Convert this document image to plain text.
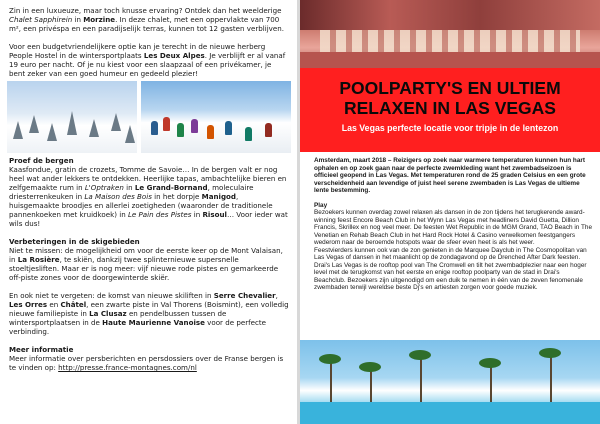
Zin in een luxueuze, maar toch knusse ervaring? Ontdek dan het weelderige Chalet Sapphirein in Morzine. In deze chalet, met een oppervlakte van 700 m², een privéspa en een paradijselijk terras, kunnen tot 12 gasten verblijven.

Voor een budgetvriendelijkere optie kan je terecht in de nieuwe herberg People Hostel in de wintersportplaats Les Deux Alpes. Je verblijft er al vanaf 19 euro per nacht. Of je nu kiest voor een slaapzaal of een privékamer, je bent zeker van een goed humeur en gedeeld plezier!

Proef de bergen

Kaasfondue, gratin de crozets, Tomme de Savoie… In de bergen valt er nog heel wat ander lekkers te ontdekken. Heerlijke tapas, ambachtelijke bieren en zelfgemaakte rum in L'Optraken in Le Grand-Bornand, moleculaire driesterrenkeuken in La Maison des Bois in het dorpje Manigod, huisgemaakte broodjes en allerlei zoetigheden (waaronder de traditionele pannenkoeken met kruidkoek) in Le Pain des Pistes in Risoul… Voor ieder wat wils dus!

Verbeteringen in de skigebieden

Niet te missen: de mogelijkheid om voor de eerste keer op de Mont Valaisan, in La Rosière, te skiën, dankzij twee splinternieuwe supersnelle stoeltjesliften. Maar er is nog meer: vijf nieuwe rode pistes en gemarkeerde off-piste zones voor de doorgewinterde skiër.

En ook niet te vergeten: de komst van nieuwe skiliften in Serre Chevalier, Les Orres en Châtel, een zwarte piste in Val Thorens (Boismint), een volledig nieuwe familiepiste in La Clusaz en pendelbussen tussen de wintersportplaatsen in de Haute Maurienne Vanoise voor de perfecte verbinding.

Meer informatie

Meer informatie over persberichten en persdossiers over de Franse bergen is te vinden op: http://presse.france-montagnes.com/nl

POOLPARTY'S EN ULTIEM
RELAXEN IN LAS VEGAS
Las Vegas perfecte locatie voor tripje in de lentezon

Amsterdam, maart 2018 – Reizigers op zoek naar warmere temperaturen kunnen hun hart ophalen en op zoek gaan naar de perfecte zwemkleding want het zwembadseizoen is officieel geopend in Las Vegas. Met temperaturen rond de 25 graden Celsius en een grote verscheidenheid aan levendige of juist heel serene zwembaden is Las Vegas de ultieme lente bestemming.

Play

Bezoekers kunnen overdag zowel relaxen als dansen in de zon tijdens het terugkerende award-winning feest Encore Beach Club in het Wynn Las Vegas met headliners David Guetta, Dillion Francis, Skrillex en nog veel meer. De feesten Wet Republic in de MGM Grand, TAO Beach in The Venetian en Rehab Beach Club in het Hard Rock Hotel & Casino verwelkomen feestgangers wederom naar de beroemde hotspots waar de sfeer even heet is als het weer.

Feestvierders kunnen ook van de zon genieten in de Marquee Dayclub in The Cosmopolitan van Las Vegas of dansen in het maanlicht op de zondagavond op de Drenched After Dark feesten. Drai's Las Vegas is de rooftop pool van The Cromwell en tilt het zwembadplezier naar een hoger level met de terugkomst van het eerste en enige rooftop poolparty van de stad in Drai's Beachclub. Bezoekers zijn uitgenodigd om een duik te nemen in één van de zeven fenomenale zwembaden terwijl wereldse beste Dj's en artiesten zorgen voor goede muziek.
